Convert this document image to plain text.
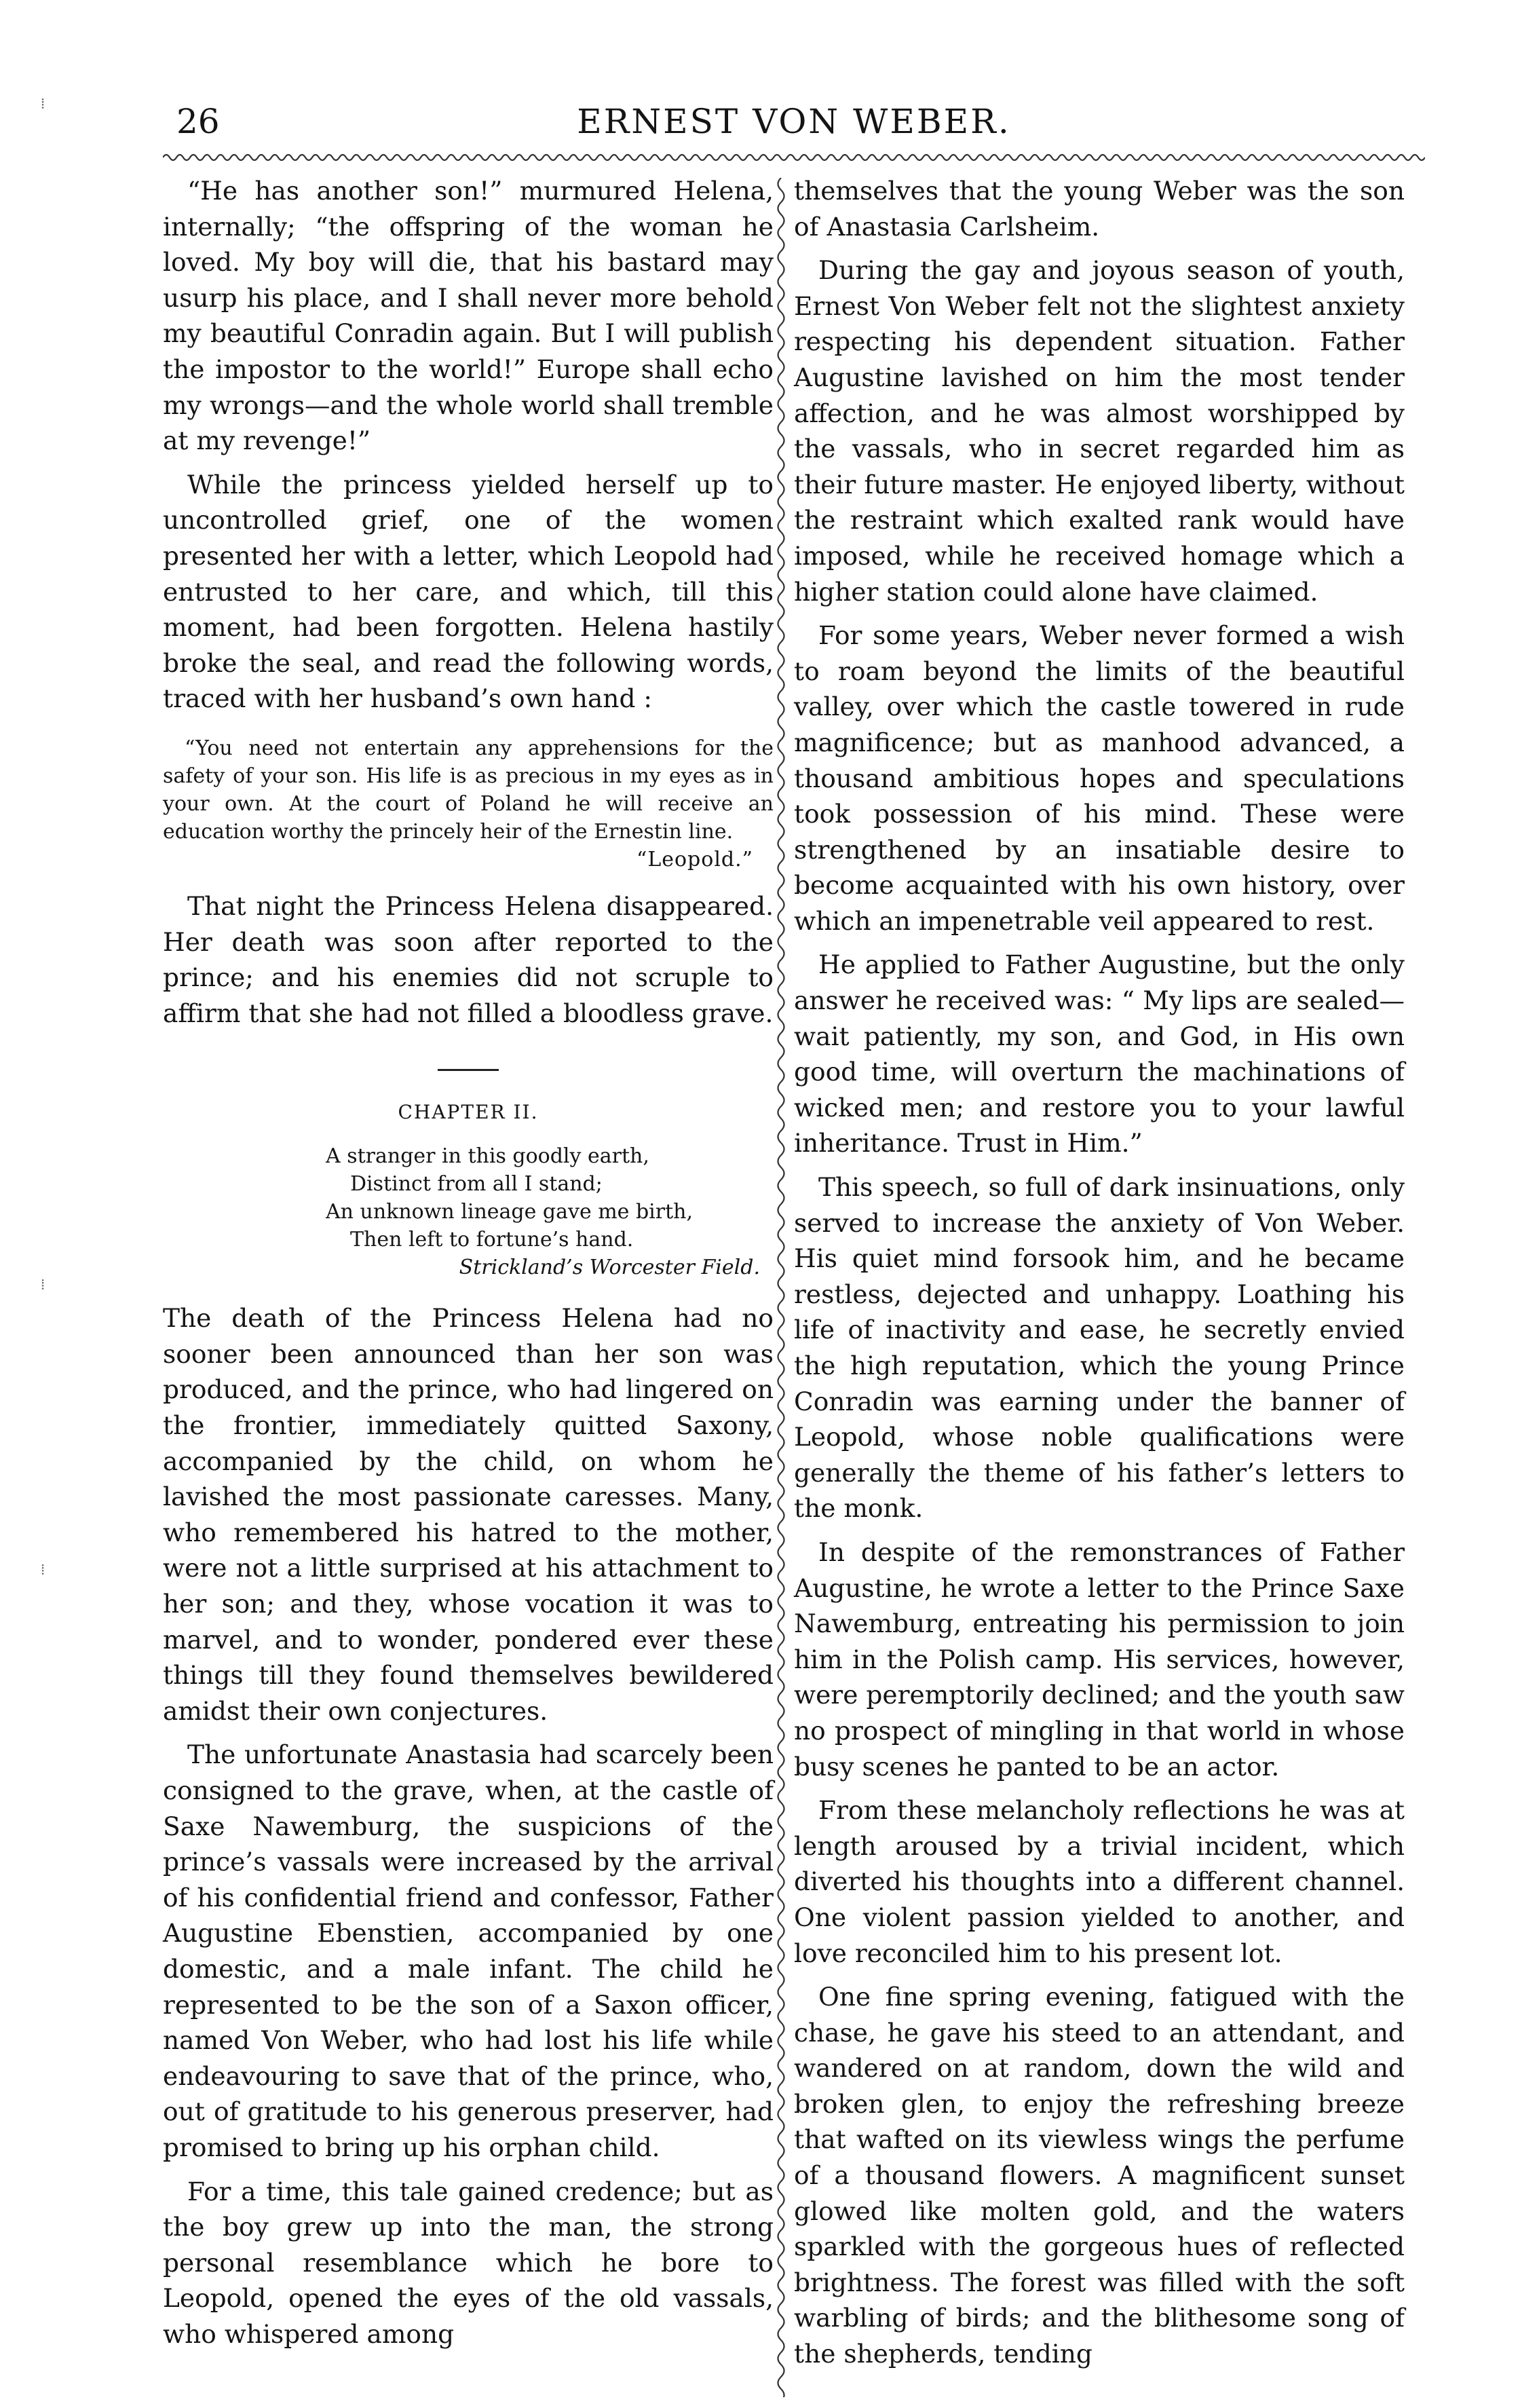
26	ERNEST VON WEBER.

“He has another son!” murmured Helena, internally; “the offspring of the woman he loved. My boy will die, that his bastard may usurp his place, and I shall never more behold my beautiful Conradin again. But I will publish the impostor to the world!” Europe shall echo my wrongs—and the whole world shall tremble at my revenge!”

While the princess yielded herself up to uncontrolled grief, one of the women presented her with a letter, which Leopold had entrusted to her care, and which, till this moment, had been forgotten. Helena hastily broke the seal, and read the following words, traced with her husband’s own hand :

“You need not entertain any apprehensions for the safety of your son. His life is as precious in my eyes as in your own. At the court of Poland he will receive an education worthy the princely heir of the Ernestin line.

“Leopold.”

That night the Princess Helena disappeared. Her death was soon after reported to the prince; and his enemies did not scruple to affirm that she had not filled a bloodless grave.

CHAPTER II.
A stranger in this goodly earth,
Distinct from all I stand;
An unknown lineage gave me birth,
Then left to fortune’s hand.
Strickland’s Worcester Field.

The death of the Princess Helena had no sooner been announced than her son was produced, and the prince, who had lingered on the frontier, immediately quitted Saxony, accompanied by the child, on whom he lavished the most passionate caresses. Many, who remembered his hatred to the mother, were not a little surprised at his attachment to her son; and they, whose vocation it was to marvel, and to wonder, pondered ever these things till they found themselves bewildered amidst their own conjectures.

The unfortunate Anastasia had scarcely been consigned to the grave, when, at the castle of Saxe Nawemburg, the suspicions of the prince’s vassals were increased by the arrival of his confidential friend and confessor, Father Augustine Ebenstien, accompanied by one domestic, and a male infant. The child he represented to be the son of a Saxon officer, named Von Weber, who had lost his life while endeavouring to save that of the prince, who, out of gratitude to his generous preserver, had promised to bring up his orphan child.

For a time, this tale gained credence; but as the boy grew up into the man, the strong personal resemblance which he bore to Leopold, opened the eyes of the old vassals, who whispered among

themselves that the young Weber was the son of Anastasia Carlsheim.

During the gay and joyous season of youth, Ernest Von Weber felt not the slightest anxiety respecting his dependent situation. Father Augustine lavished on him the most tender affection, and he was almost worshipped by the vassals, who in secret regarded him as their future master. He enjoyed liberty, without the restraint which exalted rank would have imposed, while he received homage which a higher station could alone have claimed.

For some years, Weber never formed a wish to roam beyond the limits of the beautiful valley, over which the castle towered in rude magnificence; but as manhood advanced, a thousand ambitious hopes and speculations took possession of his mind. These were strengthened by an insatiable desire to become acquainted with his own history, over which an impenetrable veil appeared to rest.

He applied to Father Augustine, but the only answer he received was: “ My lips are sealed—wait patiently, my son, and God, in His own good time, will overturn the machinations of wicked men; and restore you to your lawful inheritance. Trust in Him.”

This speech, so full of dark insinuations, only served to increase the anxiety of Von Weber. His quiet mind forsook him, and he became restless, dejected and unhappy. Loathing his life of inactivity and ease, he secretly envied the high reputation, which the young Prince Conradin was earning under the banner of Leopold, whose noble qualifications were generally the theme of his father’s letters to the monk.

In despite of the remonstrances of Father Augustine, he wrote a letter to the Prince Saxe Nawemburg, entreating his permission to join him in the Polish camp. His services, however, were peremptorily declined; and the youth saw no prospect of mingling in that world in whose busy scenes he panted to be an actor.

From these melancholy reflections he was at length aroused by a trivial incident, which diverted his thoughts into a different channel. One violent passion yielded to another, and love reconciled him to his present lot.

One fine spring evening, fatigued with the chase, he gave his steed to an attendant, and wandered on at random, down the wild and broken glen, to enjoy the refreshing breeze that wafted on its viewless wings the perfume of a thousand flowers. A magnificent sunset glowed like molten gold, and the waters sparkled with the gorgeous hues of reflected brightness. The forest was filled with the soft warbling of birds; and the blithesome song of the shepherds, tending

⁞
⁞
⁞
